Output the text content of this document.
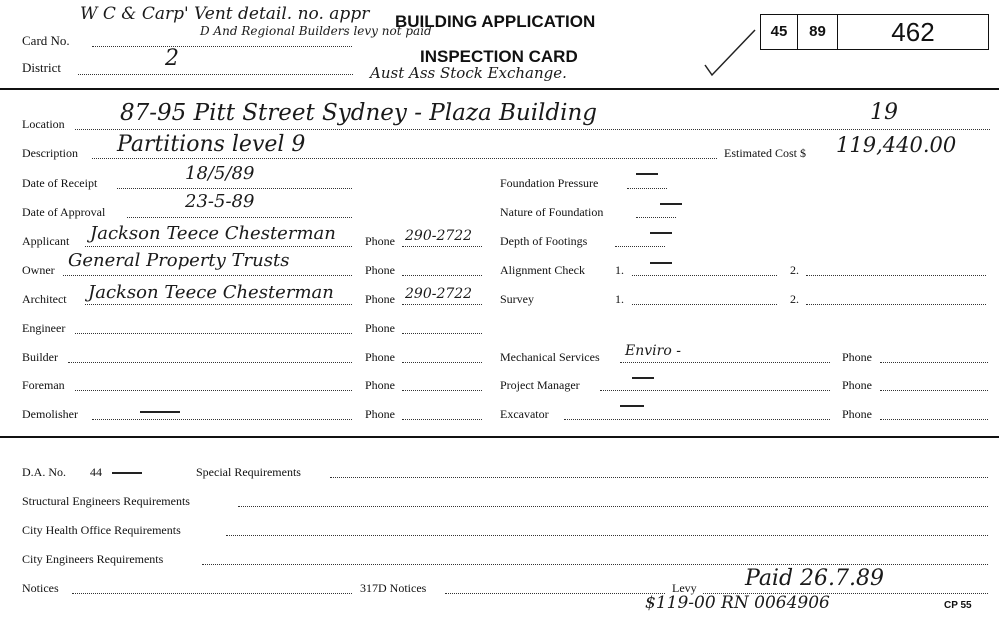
W C & Carp' Vent detail. no. appr
D And Regional Builders levy not paid
Card No.
BUILDING APPLICATION
INSPECTION CARD
District	2
Aust Ass Stock Exchange.
45	89	462
Location 87-95 Pitt Street Sydney - Plaza Building	19
Description Partitions level 9	Estimated Cost $ 119,440.00
Date of Receipt	18/5/89
Date of Approval	23-5-89
Applicant Jackson Teece Chesterman Phone 290-2722
Owner General Property Trusts	Phone
Architect Jackson Teece Chesterman	Phone 290-2722
Engineer	Phone
Builder	Phone
Foreman	Phone
Demolisher	Phone
Foundation Pressure
Nature of Foundation
Depth of Footings
Alignment Check	1.	2.
Survey	1.	2.
Mechanical Services Enviro -	Phone
Project Manager	Phone
Excavator	Phone
D.A. No. 44	Special Requirements
Structural Engineers Requirements
City Health Office Requirements
City Engineers Requirements
Notices	317D Notices	Levy Paid 26.7.89
$119-00 RN 0064906	CP 55
